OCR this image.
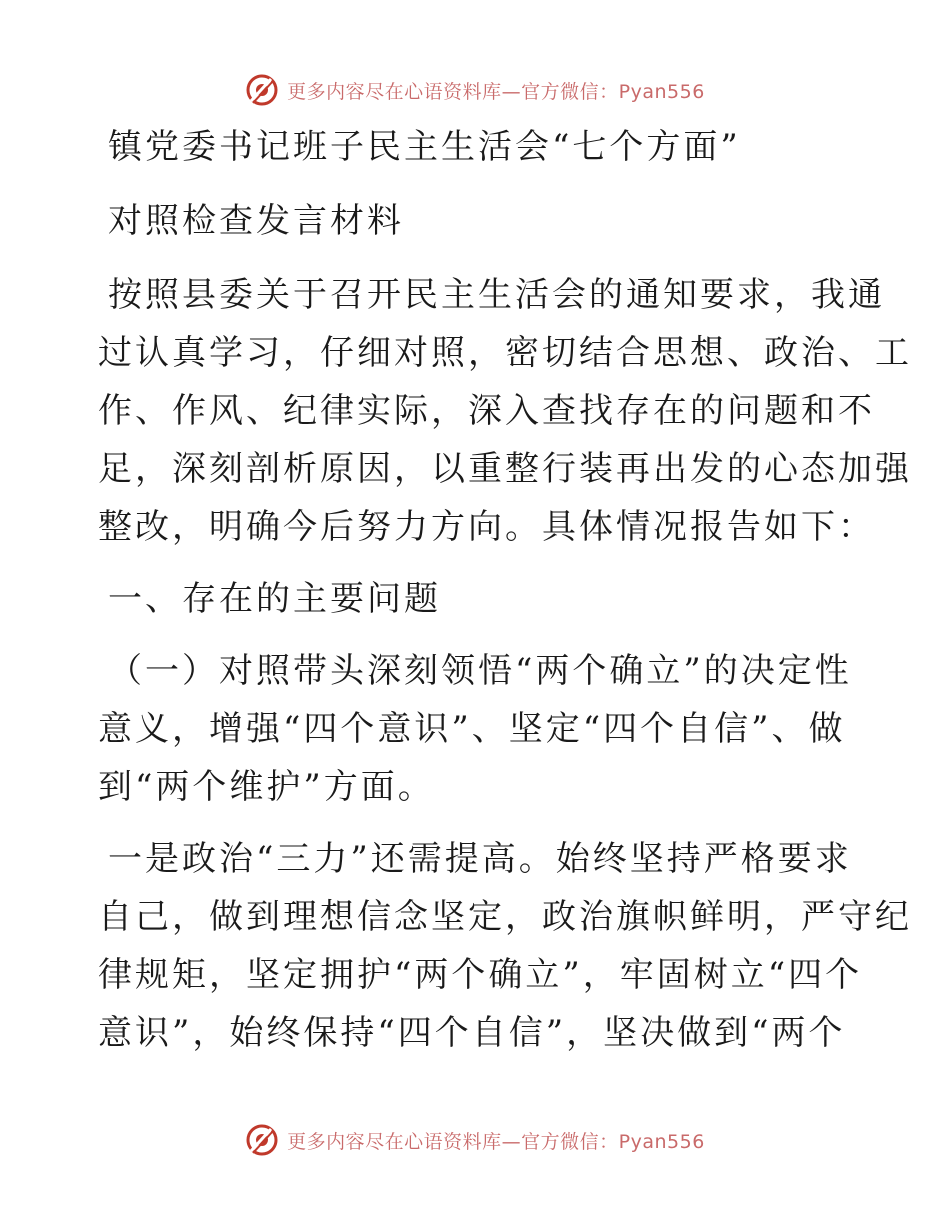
更多内容尽在心语资料库—官方微信：Pyan556

镇党委书记班子民主生活会“七个方面”

对照检查发言材料

按照县委关于召开民主生活会的通知要求，我通

过认真学习，仔细对照，密切结合思想、政治、工

作、作风、纪律实际，深入查找存在的问题和不

足，深刻剖析原因，以重整行装再出发的心态加强

整改，明确今后努力方向。具体情况报告如下：

一、存在的主要问题

（一）对照带头深刻领悟“两个确立”的决定性

意义，增强“四个意识”、坚定“四个自信”、做

到“两个维护”方面。

一是政治“三力”还需提高。始终坚持严格要求

自己，做到理想信念坚定，政治旗帜鲜明，严守纪

律规矩，坚定拥护“两个确立”，牢固树立“四个

意识”，始终保持“四个自信”，坚决做到“两个

更多内容尽在心语资料库—官方微信：Pyan556
